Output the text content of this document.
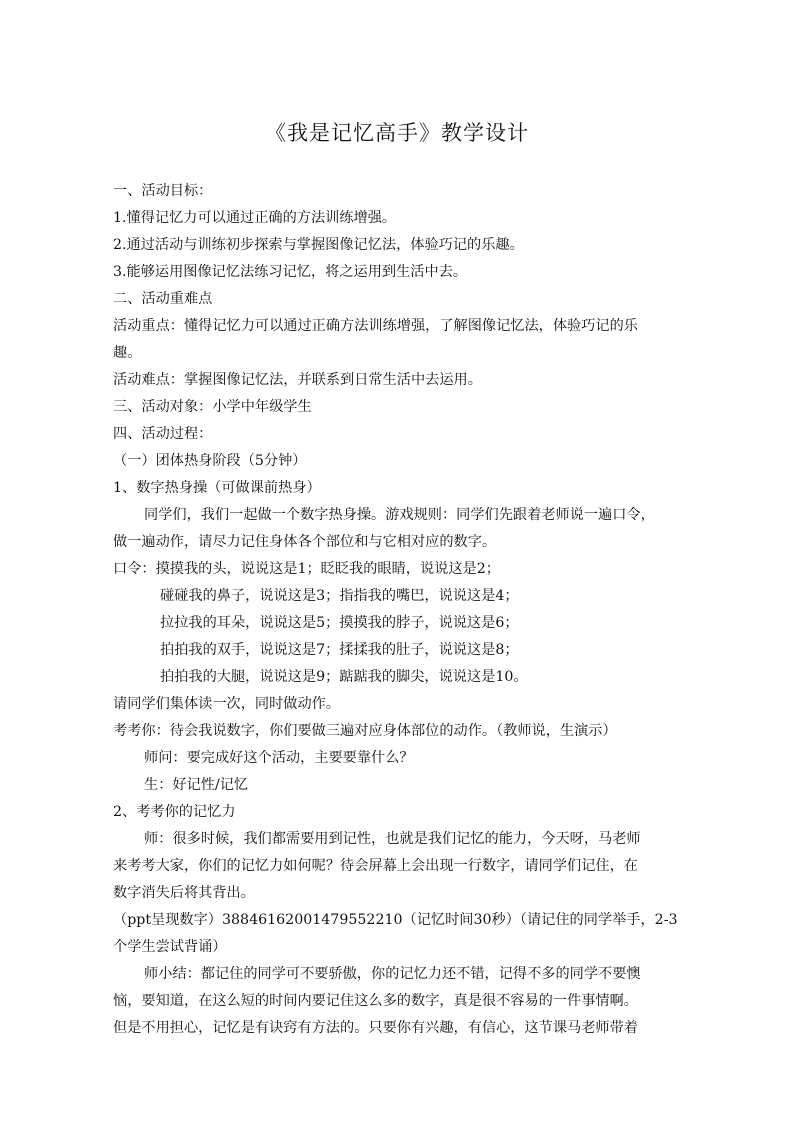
《我是记忆高手》教学设计

一、活动目标：

1.懂得记忆力可以通过正确的方法训练增强。

2.通过活动与训练初步探索与掌握图像记忆法，体验巧记的乐趣。

3.能够运用图像记忆法练习记忆，将之运用到生活中去。

二、活动重难点

活动重点：懂得记忆力可以通过正确方法训练增强，了解图像记忆法，体验巧记的乐

趣。

活动难点：掌握图像记忆法，并联系到日常生活中去运用。

三、活动对象：小学中年级学生

四、活动过程：

（一）团体热身阶段（5分钟）

1、数字热身操（可做课前热身）

同学们，我们一起做一个数字热身操。游戏规则：同学们先跟着老师说一遍口令，

做一遍动作，请尽力记住身体各个部位和与它相对应的数字。

口令：摸摸我的头，说说这是1；眨眨我的眼睛，说说这是2；

碰碰我的鼻子，说说这是3；指指我的嘴巴，说说这是4；

拉拉我的耳朵，说说这是5；摸摸我的脖子，说说这是6；

拍拍我的双手，说说这是7；揉揉我的肚子，说说这是8；

拍拍我的大腿，说说这是9；踮踮我的脚尖，说说这是10。

请同学们集体读一次，同时做动作。

考考你：待会我说数字，你们要做三遍对应身体部位的动作。（教师说，生演示）

师问：要完成好这个活动，主要要靠什么？

生：好记性/记忆

2、考考你的记忆力

师：很多时候，我们都需要用到记性，也就是我们记忆的能力，今天呀，马老师

来考考大家，你们的记忆力如何呢？待会屏幕上会出现一行数字，请同学们记住，在

数字消失后将其背出。

（ppt呈现数字）38846162001479552210（记忆时间30秒）（请记住的同学举手，2-3

个学生尝试背诵）

师小结：都记住的同学可不要骄傲，你的记忆力还不错，记得不多的同学不要懊

恼，要知道，在这么短的时间内要记住这么多的数字，真是很不容易的一件事情啊。

但是不用担心，记忆是有诀窍有方法的。只要你有兴趣，有信心，这节课马老师带着
